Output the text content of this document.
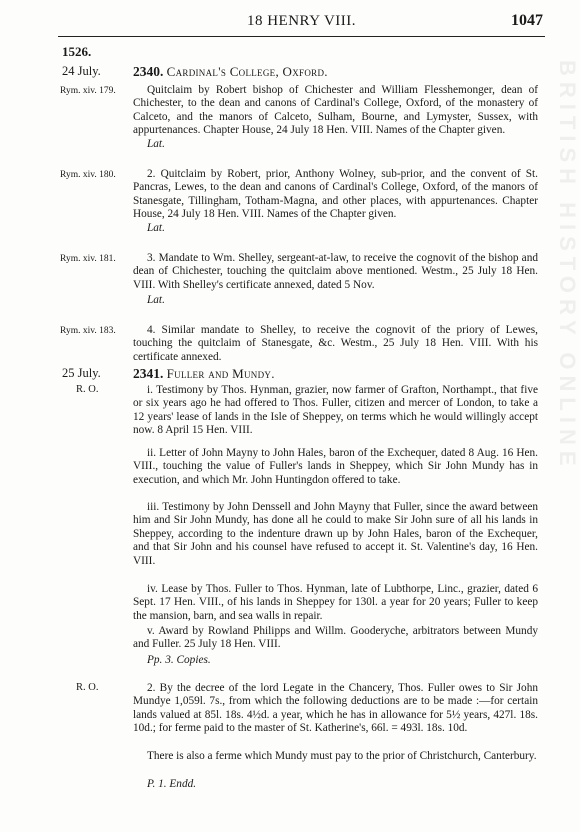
18 HENRY VIII.	1047
BRITISH HISTORY ONLINE
1526.
24 July. 2340. Cardinal's College, Oxford.
Rym. xiv. 179.	Quitclaim by Robert bishop of Chichester and William Flesshemonger, dean of Chichester, to the dean and canons of Cardinal's College, Oxford, of the monastery of Calceto, and the manors of Calceto, Sulham, Bourne, and Lymyster, Sussex, with appurtenances. Chapter House, 24 July 18 Hen. VIII. Names of the Chapter given.
Lat.
Rym. xiv. 180.	2. Quitclaim by Robert, prior, Anthony Wolney, sub-prior, and the convent of St. Pancras, Lewes, to the dean and canons of Cardinal's College, Oxford, of the manors of Stanesgate, Tillingham, Totham-Magna, and other places, with appurtenances. Chapter House, 24 July 18 Hen. VIII. Names of the Chapter given.
Lat.
Rym. xiv. 181.	3. Mandate to Wm. Shelley, sergeant-at-law, to receive the cognovit of the bishop and dean of Chichester, touching the quitclaim above mentioned. Westm., 25 July 18 Hen. VIII. With Shelley's certificate annexed, dated 5 Nov.
Lat.
Rym. xiv. 183.	4. Similar mandate to Shelley, to receive the cognovit of the priory of Lewes, touching the quitclaim of Stanesgate, &c. Westm., 25 July 18 Hen. VIII. With his certificate annexed.
25 July. 2341. Fuller and Mundy.
R. O.	i. Testimony by Thos. Hynman, grazier, now farmer of Grafton, Northampt., that five or six years ago he had offered to Thos. Fuller, citizen and mercer of London, to take a 12 years' lease of lands in the Isle of Sheppey, on terms which he would willingly accept now. 8 April 15 Hen. VIII.
ii. Letter of John Mayny to John Hales, baron of the Exchequer, dated 8 Aug. 16 Hen. VIII., touching the value of Fuller's lands in Sheppey, which Sir John Mundy has in execution, and which Mr. John Huntingdon offered to take.
iii. Testimony by John Denssell and John Mayny that Fuller, since the award between him and Sir John Mundy, has done all he could to make Sir John sure of all his lands in Sheppey, according to the indenture drawn up by John Hales, baron of the Exchequer, and that Sir John and his counsel have refused to accept it. St. Valentine's day, 16 Hen. VIII.
iv. Lease by Thos. Fuller to Thos. Hynman, late of Lubthorpe, Linc., grazier, dated 6 Sept. 17 Hen. VIII., of his lands in Sheppey for 130l. a year for 20 years; Fuller to keep the mansion, barn, and sea walls in repair.
v. Award by Rowland Philipps and Willm. Gooderyche, arbitrators between Mundy and Fuller. 25 July 18 Hen. VIII.
Pp. 3. Copies.
R. O.	2. By the decree of the lord Legate in the Chancery, Thos. Fuller owes to Sir John Mundye 1,059l. 7s., from which the following deductions are to be made :—for certain lands valued at 85l. 18s. 4½d. a year, which he has in allowance for 5½ years, 427l. 18s. 10d.; for ferme paid to the master of St. Katherine's, 66l. = 493l. 18s. 10d.
There is also a ferme which Mundy must pay to the prior of Christchurch, Canterbury.
P. 1. Endd.
